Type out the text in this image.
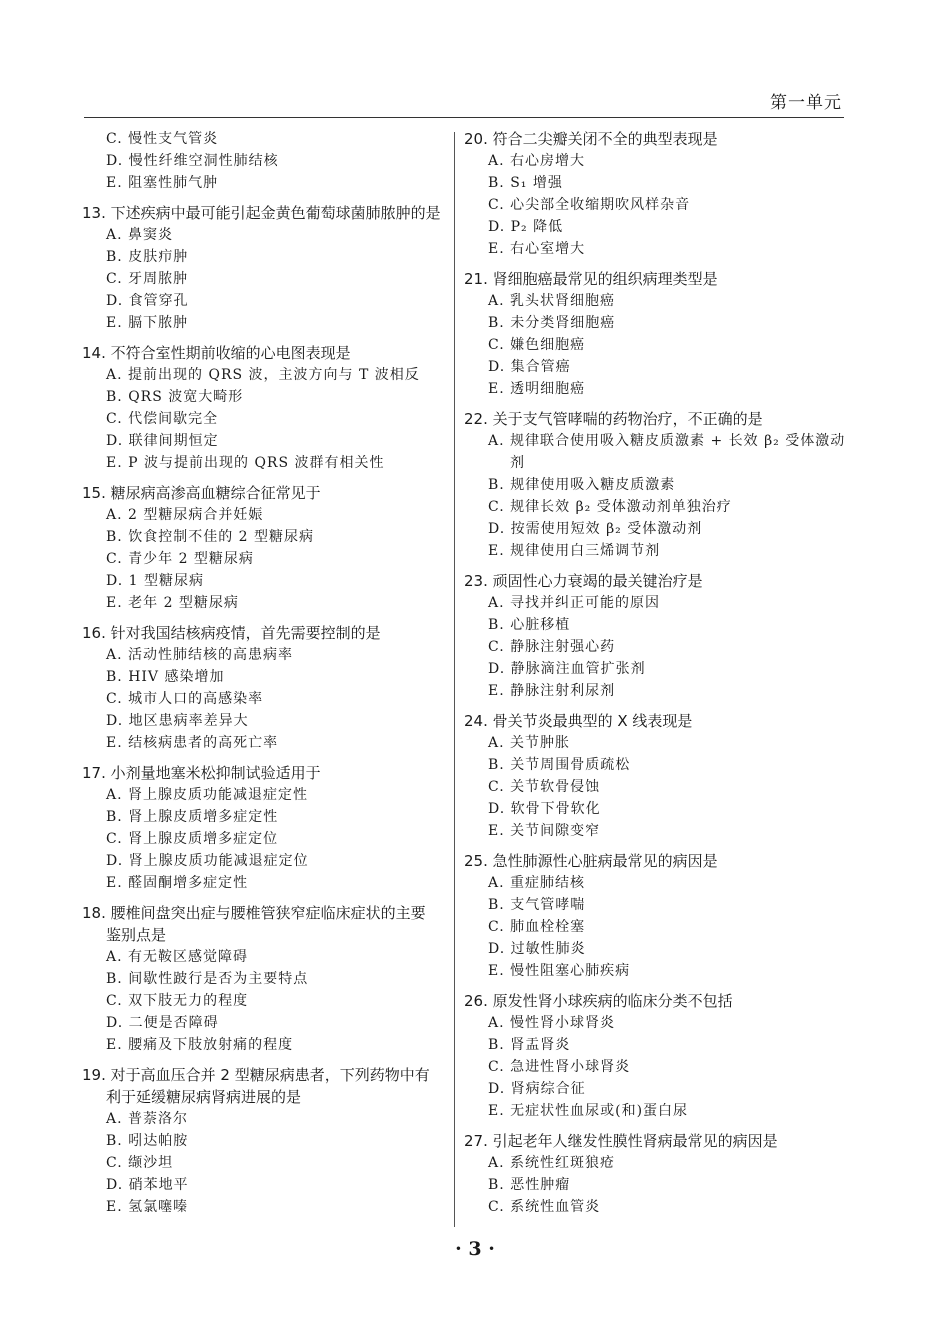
第一单元
C. 慢性支气管炎
D. 慢性纤维空洞性肺结核
E. 阻塞性肺气肿
13. 下述疾病中最可能引起金黄色葡萄球菌肺脓肿的是
A. 鼻窦炎
B. 皮肤疖肿
C. 牙周脓肿
D. 食管穿孔
E. 膈下脓肿
14. 不符合室性期前收缩的心电图表现是
A. 提前出现的 QRS 波，主波方向与 T 波相反
B. QRS 波宽大畸形
C. 代偿间歇完全
D. 联律间期恒定
E. P 波与提前出现的 QRS 波群有相关性
15. 糖尿病高渗高血糖综合征常见于
A. 2 型糖尿病合并妊娠
B. 饮食控制不佳的 2 型糖尿病
C. 青少年 2 型糖尿病
D. 1 型糖尿病
E. 老年 2 型糖尿病
16. 针对我国结核病疫情，首先需要控制的是
A. 活动性肺结核的高患病率
B. HIV 感染增加
C. 城市人口的高感染率
D. 地区患病率差异大
E. 结核病患者的高死亡率
17. 小剂量地塞米松抑制试验适用于
A. 肾上腺皮质功能减退症定性
B. 肾上腺皮质增多症定性
C. 肾上腺皮质增多症定位
D. 肾上腺皮质功能减退症定位
E. 醛固酮增多症定性
18. 腰椎间盘突出症与腰椎管狭窄症临床症状的主要
鉴别点是
A. 有无鞍区感觉障碍
B. 间歇性跛行是否为主要特点
C. 双下肢无力的程度
D. 二便是否障碍
E. 腰痛及下肢放射痛的程度
19. 对于高血压合并 2 型糖尿病患者，下列药物中有
利于延缓糖尿病肾病进展的是
A. 普萘洛尔
B. 吲达帕胺
C. 缬沙坦
D. 硝苯地平
E. 氢氯噻嗪
20. 符合二尖瓣关闭不全的典型表现是
A. 右心房增大
B. S₁ 增强
C. 心尖部全收缩期吹风样杂音
D. P₂ 降低
E. 右心室增大
21. 肾细胞癌最常见的组织病理类型是
A. 乳头状肾细胞癌
B. 未分类肾细胞癌
C. 嫌色细胞癌
D. 集合管癌
E. 透明细胞癌
22. 关于支气管哮喘的药物治疗，不正确的是
A. 规律联合使用吸入糖皮质激素 + 长效 β₂ 受体激动剂
B. 规律使用吸入糖皮质激素
C. 规律长效 β₂ 受体激动剂单独治疗
D. 按需使用短效 β₂ 受体激动剂
E. 规律使用白三烯调节剂
23. 顽固性心力衰竭的最关键治疗是
A. 寻找并纠正可能的原因
B. 心脏移植
C. 静脉注射强心药
D. 静脉滴注血管扩张剂
E. 静脉注射利尿剂
24. 骨关节炎最典型的 X 线表现是
A. 关节肿胀
B. 关节周围骨质疏松
C. 关节软骨侵蚀
D. 软骨下骨软化
E. 关节间隙变窄
25. 急性肺源性心脏病最常见的病因是
A. 重症肺结核
B. 支气管哮喘
C. 肺血栓栓塞
D. 过敏性肺炎
E. 慢性阻塞心肺疾病
26. 原发性肾小球疾病的临床分类不包括
A. 慢性肾小球肾炎
B. 肾盂肾炎
C. 急进性肾小球肾炎
D. 肾病综合征
E. 无症状性血尿或(和)蛋白尿
27. 引起老年人继发性膜性肾病最常见的病因是
A. 系统性红斑狼疮
B. 恶性肿瘤
C. 系统性血管炎
· 3 ·
